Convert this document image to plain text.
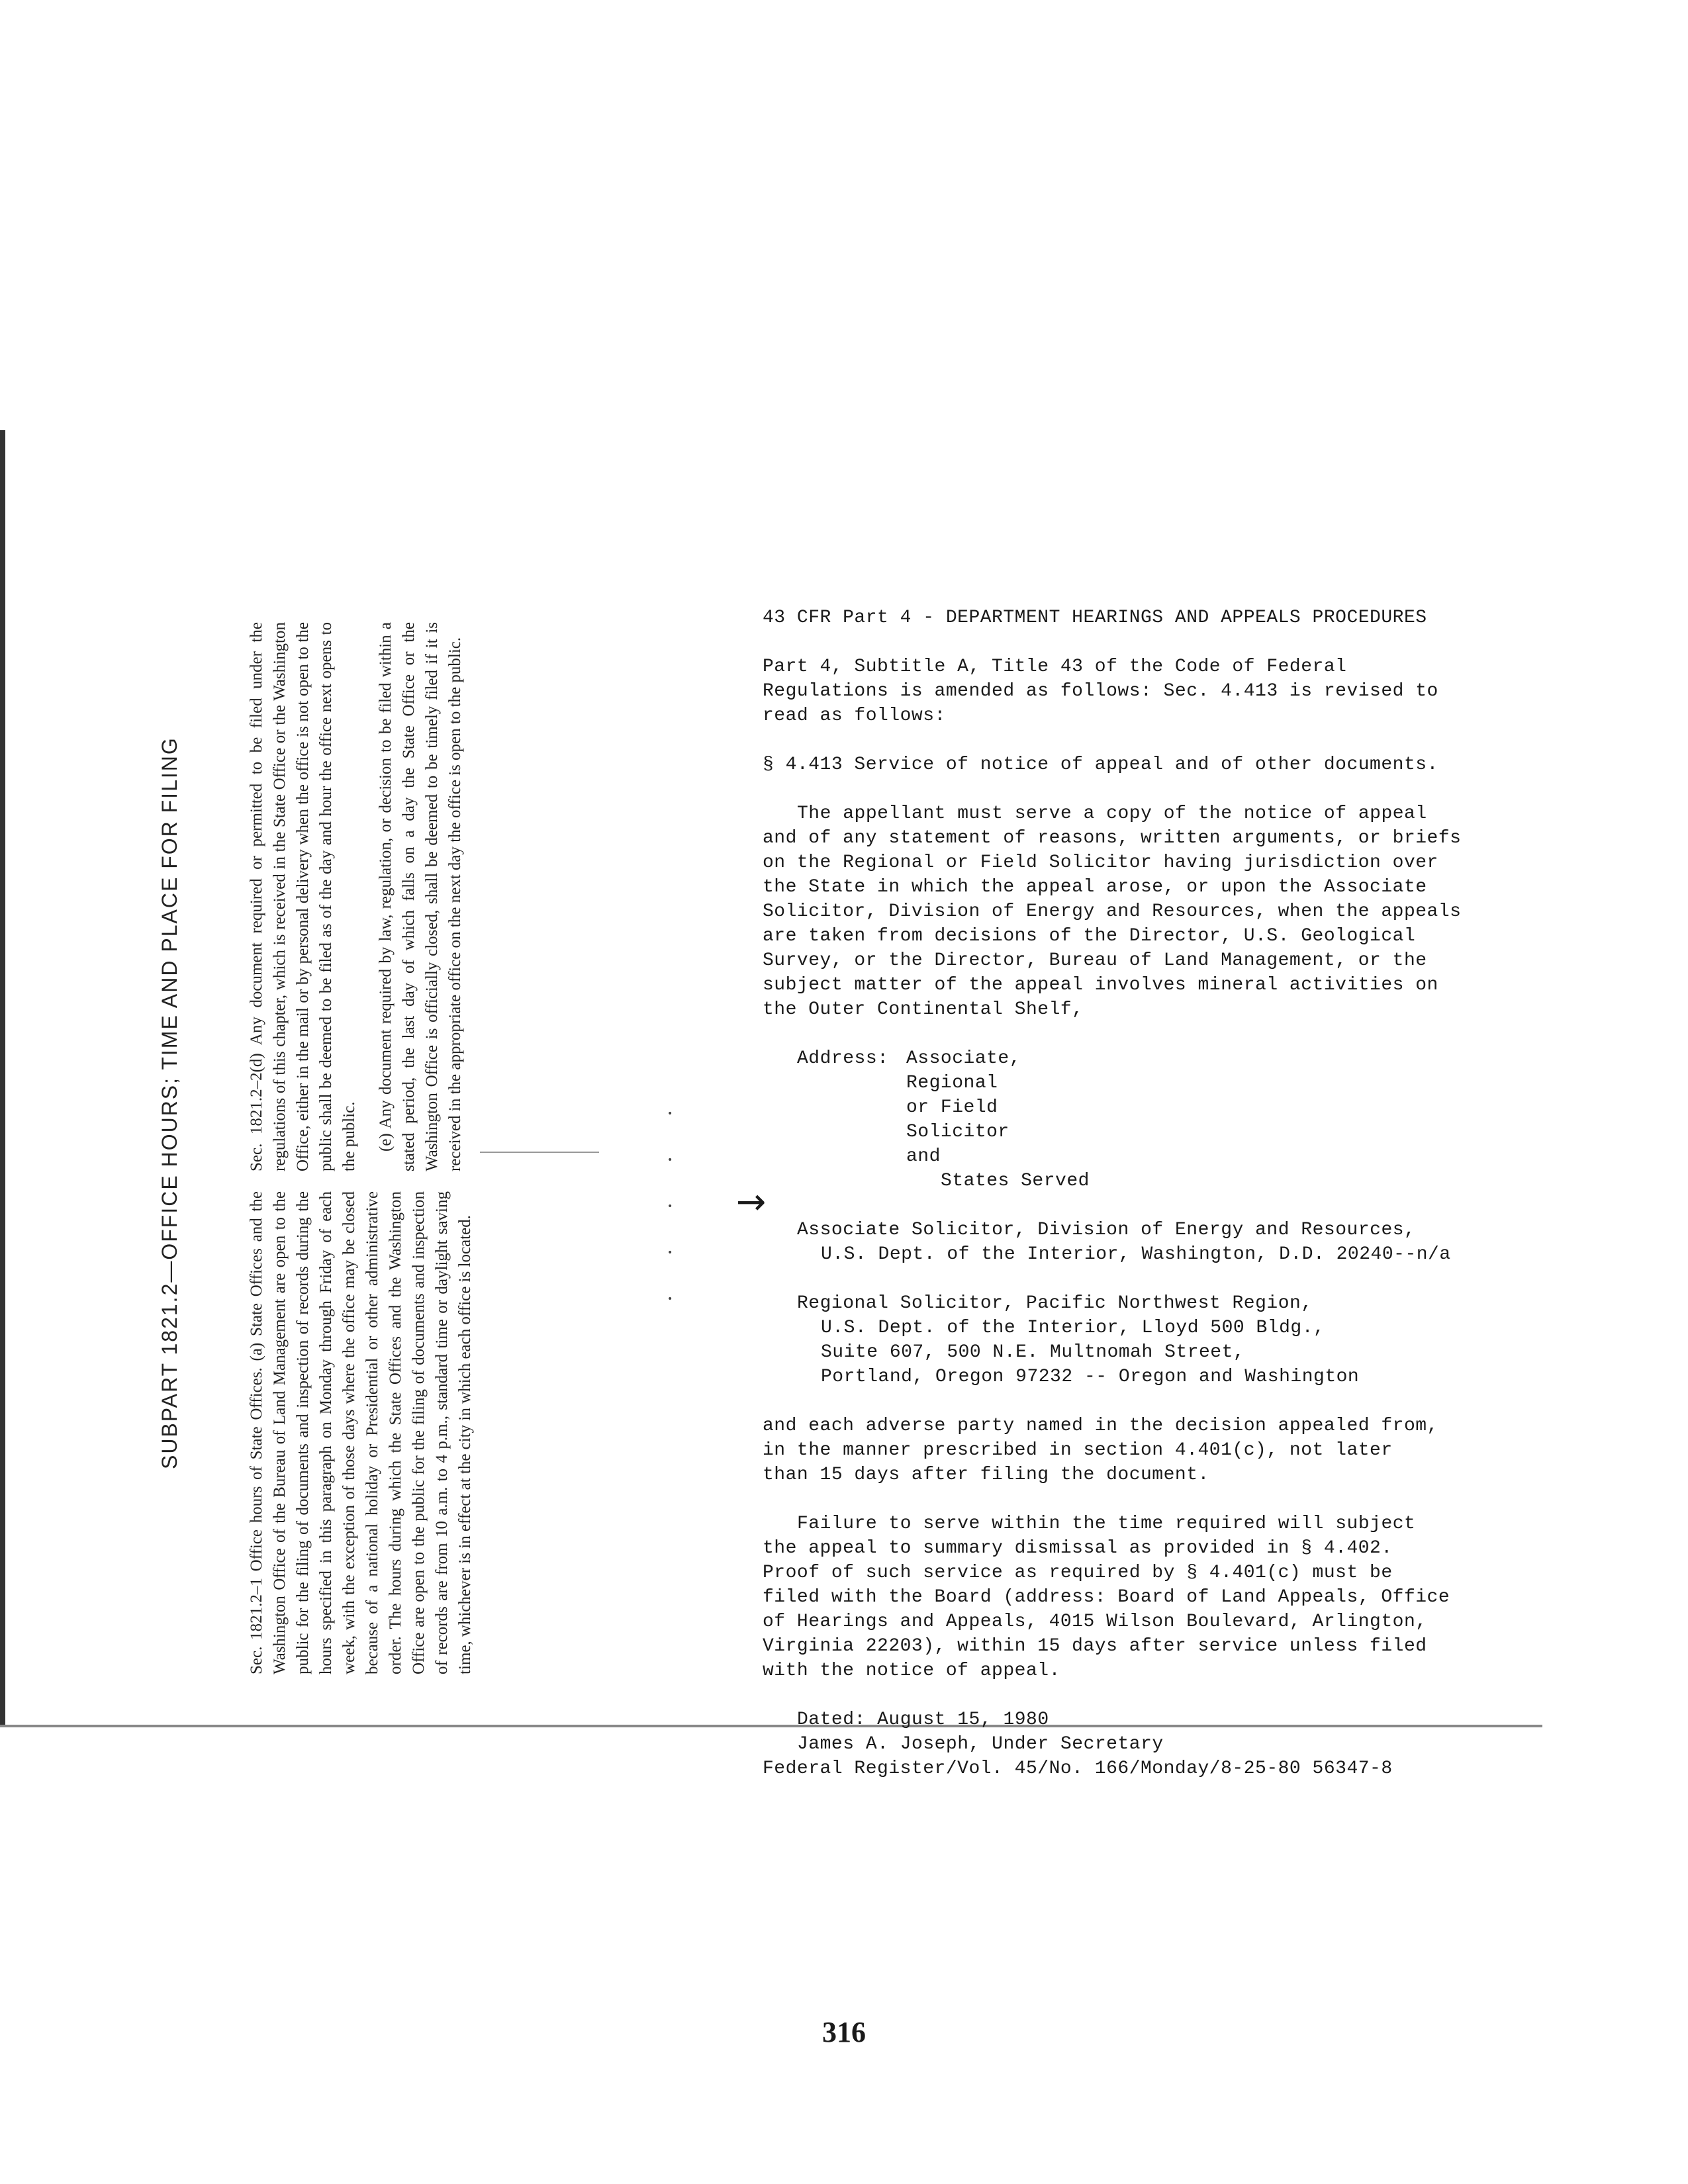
SUBPART 1821.2—OFFICE HOURS; TIME AND PLACE FOR FILING	Sec. 1821.2–1 Office hours of State Offices. (a) State Offices and the Washington Office of the Bureau of Land Management are open to the public for the filing of documents and inspection of records during the hours specified in this paragraph on Monday through Friday of each week, with the exception of those days where the office may be closed because of a national holiday or Presidential or other administrative order. The hours during which the State Offices and the Washington Office are open to the public for the filing of documents and inspection of records are from 10 a.m. to 4 p.m., standard time or daylight saving time, whichever is in effect at the city in which each office is located.

Sec. 1821.2–2(d) Any document required or permitted to be filed under the regulations of this chapter, which is received in the State Office or the Washington Office, either in the mail or by personal delivery when the office is not open to the public shall be deemed to be filed as of the day and hour the office next opens to the public. (e) Any document required by law, regulation, or decision to be filed within a stated period, the last day of which falls on a day the State Office or the Washington Office is officially closed, shall be deemed to be timely filed if it is received in the appropriate office on the next day the office is open to the public.	•
•
•
•
•
→

43 CFR Part 4 - DEPARTMENT HEARINGS AND APPEALS PROCEDURES

Part 4, Subtitle A, Title 43 of the Code of Federal

Regulations is amended as follows: Sec. 4.413 is revised to

read as follows:

§ 4.413 Service of notice of appeal and of other documents.

The appellant must serve a copy of the notice of appeal

and of any statement of reasons, written arguments, or briefs

on the Regional or Field Solicitor having jurisdiction over

the State in which the appeal arose, or upon the Associate

Solicitor, Division of Energy and Resources, when the appeals

are taken from decisions of the Director, U.S. Geological

Survey, or the Director, Bureau of Land Management, or the

subject matter of the appeal involves mineral activities on

the Outer Continental Shelf,

Address: Associate, Regional or Field Solicitor and
States Served

Associate Solicitor, Division of Energy and Resources,

U.S. Dept. of the Interior, Washington, D.D. 20240--n/a

Regional Solicitor, Pacific Northwest Region,

U.S. Dept. of the Interior, Lloyd 500 Bldg.,

Suite 607, 500 N.E. Multnomah Street,

Portland, Oregon 97232 -- Oregon and Washington

and each adverse party named in the decision appealed from,

in the manner prescribed in section 4.401(c), not later

than 15 days after filing the document.

Failure to serve within the time required will subject

the appeal to summary dismissal as provided in § 4.402.

Proof of such service as required by § 4.401(c) must be

filed with the Board (address: Board of Land Appeals, Office

of Hearings and Appeals, 4015 Wilson Boulevard, Arlington,

Virginia 22203), within 15 days after service unless filed

with the notice of appeal.

Dated: August 15, 1980

James A. Joseph, Under Secretary

Federal Register/Vol. 45/No. 166/Monday/8-25-80 56347-8

316
